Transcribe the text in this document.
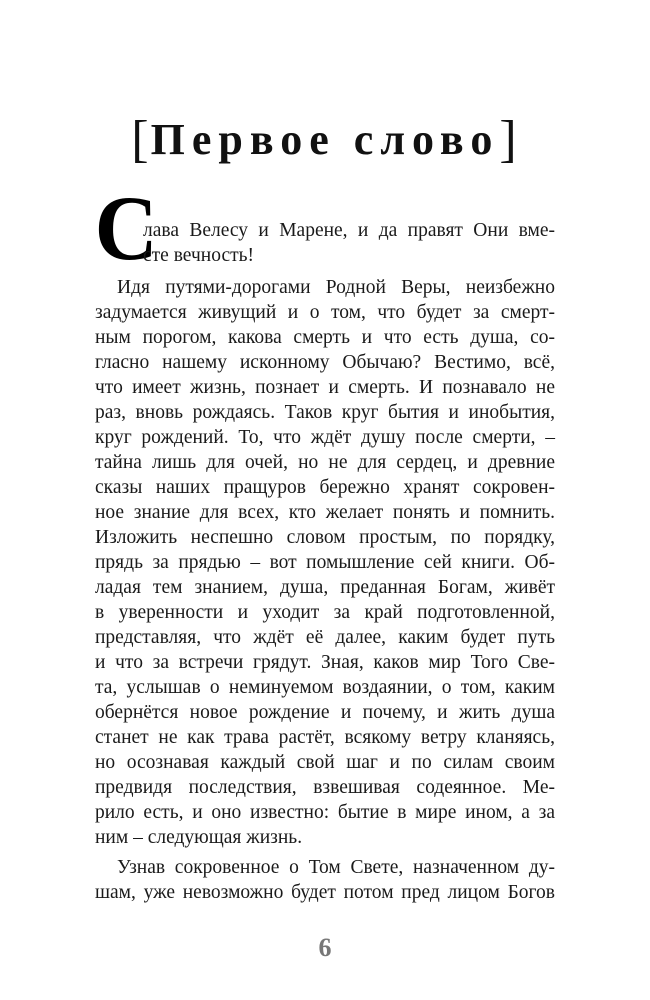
[Первое слово]
С
лава Велесу и Марене, и да правят Они вме-
сте вечность!
Идя путями-дорогами Родной Веры, неизбежно
задумается живущий и о том, что будет за смерт-
ным порогом, какова смерть и что есть душа, со-
гласно нашему исконному Обычаю? Вестимо, всё,
что имеет жизнь, познает и смерть. И познавало не
раз, вновь рождаясь. Таков круг бытия и инобытия,
круг рождений. То, что ждёт душу после смерти, –
тайна лишь для очей, но не для сердец, и древние
сказы наших пращуров бережно хранят сокровен-
ное знание для всех, кто желает понять и помнить.
Изложить неспешно словом простым, по порядку,
прядь за прядью – вот помышление сей книги. Об-
ладая тем знанием, душа, преданная Богам, живёт
в уверенности и уходит за край подготовленной,
представляя, что ждёт её далее, каким будет путь
и что за встречи грядут. Зная, каков мир Того Све-
та, услышав о неминуемом воздаянии, о том, каким
обернётся новое рождение и почему, и жить душа
станет не как трава растёт, всякому ветру кланяясь,
но осознавая каждый свой шаг и по силам своим
предвидя последствия, взвешивая содеянное. Ме-
рило есть, и оно известно: бытие в мире ином, а за
ним – следующая жизнь.
Узнав сокровенное о Том Свете, назначенном ду-
шам, уже невозможно будет потом пред лицом Богов
6
